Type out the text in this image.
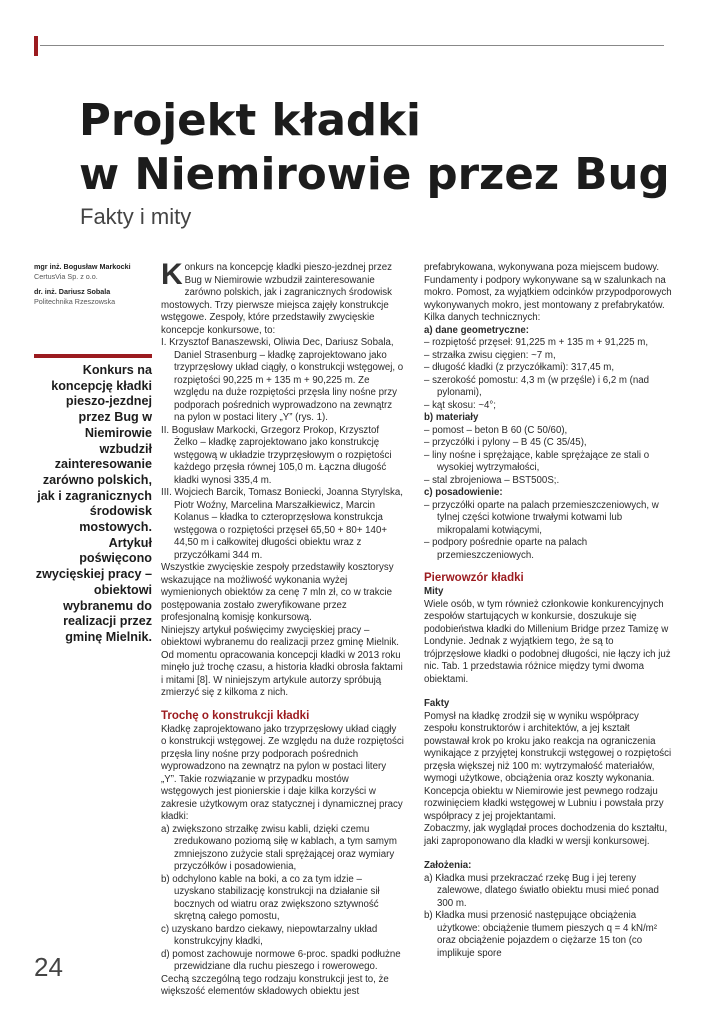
Projekt kładki
w Niemirowie przez Bug
Fakty i mity
mgr inż. Bogusław Markocki
CertusVia Sp. z o.o.
dr. inż. Dariusz Sobala
Politechnika Rzeszowska
Konkurs na koncepcję kładki pieszo-jezdnej przez Bug w Niemirowie wzbudził zainteresowanie zarówno polskich, jak i zagranicznych środowisk mostowych. Artykuł poświęcono zwycięskiej pracy – obiektowi wybranemu do realizacji przez gminę Mielnik.

Konkurs na koncepcję kładki pieszo-jezdnej przez Bug w Niemirowie wzbudził zainteresowanie zarówno polskich, jak i zagranicznych środowisk mostowych. Trzy pierwsze miejsca zajęły konstrukcje wstęgowe. Zespoły, które przedstawiły zwycięskie koncepcje konkursowe, to:

I. Krzysztof Banaszewski, Oliwia Dec, Dariusz Sobala, Daniel Strasenburg – kładkę zaprojektowano jako trzyprzęsłowy układ ciągły, o konstrukcji wstęgowej, o rozpiętości 90,225 m + 135 m + 90,225 m. Ze względu na duże rozpiętości przęsła liny nośne przy podporach pośrednich wyprowadzono na zewnątrz na pylon w postaci litery „Y” (rys. 1).
II. Bogusław Markocki, Grzegorz Prokop, Krzysztof Żelko – kładkę zaprojektowano jako konstrukcję wstęgową w układzie trzyprzęsłowym o rozpiętości każdego przęsła równej 105,0 m. Łączna długość kładki wynosi 335,4 m.
III. Wojciech Barcik, Tomasz Boniecki, Joanna Styrylska, Piotr Woźny, Marcelina Marszałkiewicz, Marcin Kolanus – kładka to czteroprzęsłowa konstrukcja wstęgowa o rozpiętości przęseł 65,50 + 80+ 140+ 44,50 m i całkowitej długości obiektu wraz z przyczółkami 344 m.

Wszystkie zwycięskie zespoły przedstawiły kosztorysy wskazujące na możliwość wykonania wyżej wymienionych obiektów za cenę 7 mln zł, co w trakcie postępowania zostało zweryfikowane przez profesjonalną komisję konkursową.

Niniejszy artykuł poświęcimy zwycięskiej pracy – obiektowi wybranemu do realizacji przez gminę Mielnik. Od momentu opracowania koncepcji kładki w 2013 roku minęło już trochę czasu, a historia kładki obrosła faktami i mitami [8]. W niniejszym artykule autorzy spróbują zmierzyć się z kilkoma z nich.

Trochę o konstrukcji kładki

Kładkę zaprojektowano jako trzyprzęsłowy układ ciągły o konstrukcji wstęgowej. Ze względu na duże rozpiętości przęsła liny nośne przy podporach pośrednich wyprowadzono na zewnątrz na pylon w postaci litery „Y”. Takie rozwiązanie w przypadku mostów wstęgowych jest pionierskie i daje kilka korzyści w zakresie użytkowym oraz statycznej i dynamicznej pracy kładki:

a) zwiększono strzałkę zwisu kabli, dzięki czemu zredukowano poziomą siłę w kablach, a tym samym zmniejszono zużycie stali sprężającej oraz wymiary przyczółków i posadowienia,
b) odchylono kable na boki, a co za tym idzie – uzyskano stabilizację konstrukcji na działanie sił bocznych od wiatru oraz zwiększono sztywność skrętną całego pomostu,
c) uzyskano bardzo ciekawy, niepowtarzalny układ konstrukcyjny kładki,
d) pomost zachowuje normowe 6-proc. spadki podłużne przewidziane dla ruchu pieszego i rowerowego.

Cechą szczególną tego rodzaju konstrukcji jest to, że większość elementów składowych obiektu jest

prefabrykowana, wykonywana poza miejscem budowy. Fundamenty i podpory wykonywane są w szalunkach na mokro. Pomost, za wyjątkiem odcinków przypodporowych wykonywanych mokro, jest montowany z prefabrykatów.

Kilka danych technicznych:

a) dane geometryczne:
– rozpiętość przęseł: 91,225 m + 135 m + 91,225 m,
– strzałka zwisu cięgien: ~7 m,
– długość kładki (z przyczółkami): 317,45 m,
– szerokość pomostu: 4,3 m (w przęśle) i 6,2 m (nad pylonami),
– kąt skosu: ~4°;
b) materiały
– pomost – beton B 60 (C 50/60),
– przyczółki i pylony – B 45 (C 35/45),
– liny nośne i sprężające, kable sprężające ze stali o wysokiej wytrzymałości,
– stal zbrojeniowa – BST500S;.
c) posadowienie:
– przyczółki oparte na palach przemieszczeniowych, w tylnej części kotwione trwałymi kotwami lub mikropalami kotwiącymi,
– podpory pośrednie oparte na palach przemieszczeniowych.
Pierwowzór kładki
Mity

Wiele osób, w tym również członkowie konkurencyjnych zespołów startujących w konkursie, doszukuje się podobieństwa kładki do Millenium Bridge przez Tamizę w Londynie. Jednak z wyjątkiem tego, że są to trójprzęsłowe kładki o podobnej długości, nie łączy ich już nic. Tab. 1 przedstawia różnice między tymi dwoma obiektami.

Fakty

Pomysł na kładkę zrodził się w wyniku współpracy zespołu konstruktorów i architektów, a jej kształt powstawał krok po kroku jako reakcja na ograniczenia wynikające z przyjętej konstrukcji wstęgowej o rozpiętości przęsła większej niż 100 m: wytrzymałość materiałów, wymogi użytkowe, obciążenia oraz koszty wykonania. Koncepcja obiektu w Niemirowie jest pewnego rodzaju rozwinięciem kładki wstęgowej w Lubniu i powstała przy współpracy z jej projektantami.

Zobaczmy, jak wyglądał proces dochodzenia do kształtu, jaki zaproponowano dla kładki w wersji konkursowej.

Założenia:
a) Kładka musi przekraczać rzekę Bug i jej tereny zalewowe, dlatego światło obiektu musi mieć ponad 300 m.
b) Kładka musi przenosić następujące obciążenia użytkowe: obciążenie tłumem pieszych q = 4 kN/m² oraz obciążenie pojazdem o ciężarze 15 ton (co implikuje spore
24
